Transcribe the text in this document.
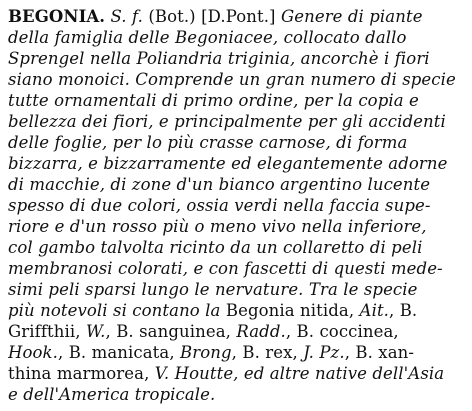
BEGONIA. S. f. (Bot.) [D.Pont.] Genere di piante
della famiglia delle Begoniacee, collocato dallo
Sprengel nella Poliandria triginia, ancorchè i fiori
siano monoici. Comprende un gran numero di specie
tutte ornamentali di primo ordine, per la copia e
bellezza dei fiori, e principalmente per gli accidenti
delle foglie, per lo più crasse carnose, di forma
bizzarra, e bizzarramente ed elegantemente adorne
di macchie, di zone d'un bianco argentino lucente
spesso di due colori, ossia verdi nella faccia supe-
riore e d'un rosso più o meno vivo nella inferiore,
col gambo talvolta ricinto da un collaretto di peli
membranosi colorati, e con fascetti di questi mede-
simi peli sparsi lungo le nervature. Tra le specie
più notevoli si contano la Begonia nitida, Ait., B.
Griffthii, W., B. sanguinea, Radd., B. coccinea,
Hook., B. manicata, Brong, B. rex, J. Pz., B. xan-
thina marmorea, V. Houtte, ed altre native dell'Asia
e dell'America tropicale.
